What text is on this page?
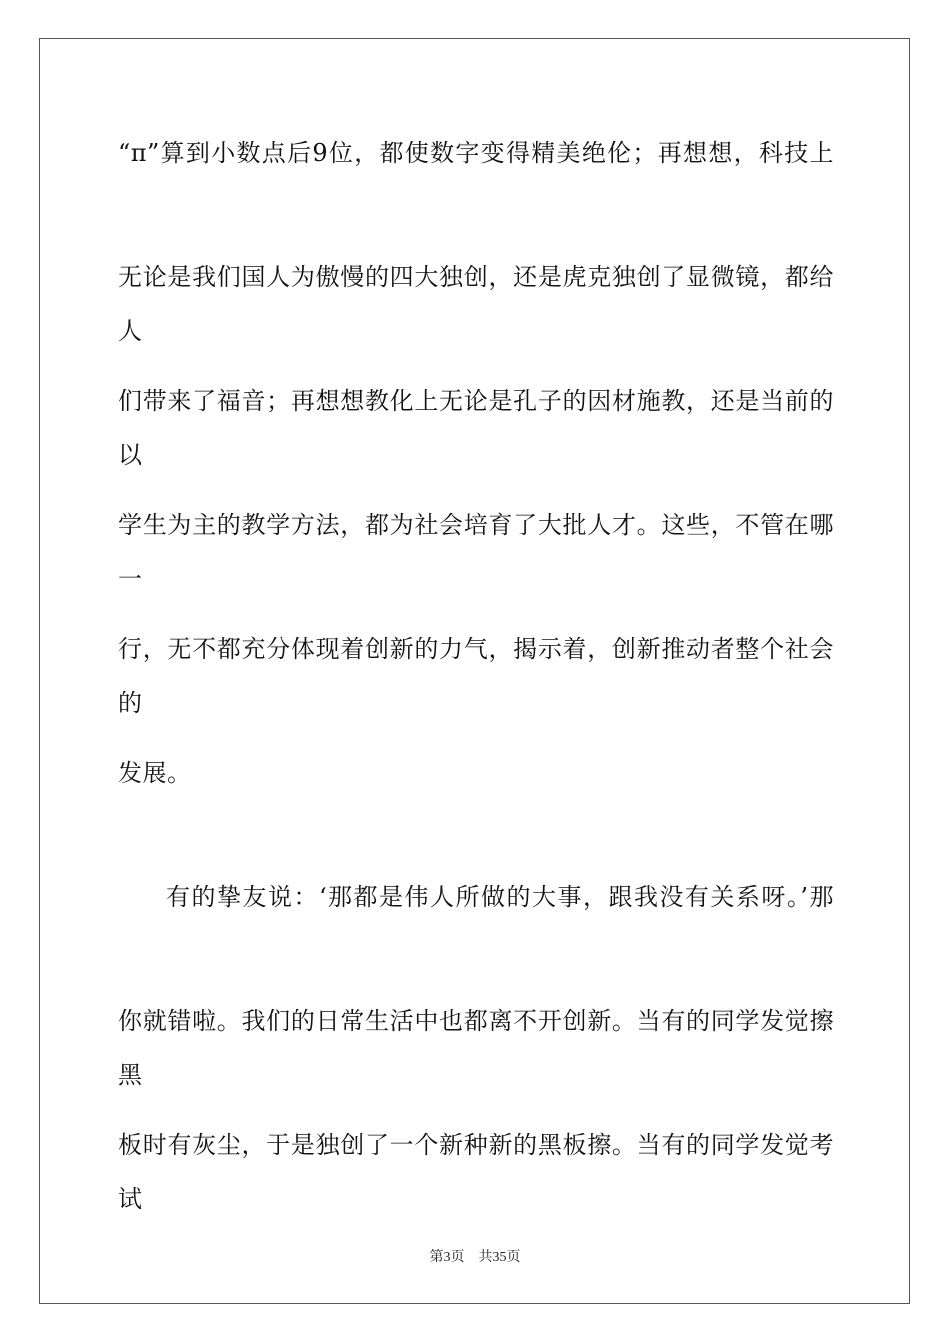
“π”算到小数点后9位，都使数字变得精美绝伦；再想想，科技上
无论是我们国人为傲慢的四大独创，还是虎克独创了显微镜，都给人
们带来了福音；再想想教化上无论是孔子的因材施教，还是当前的以
学生为主的教学方法，都为社会培育了大批人才。这些，不管在哪一
行，无不都充分体现着创新的力气，揭示着，创新推动者整个社会的
发展。
有的挚友说：‘那都是伟人所做的大事，跟我没有关系呀。’那
你就错啦。我们的日常生活中也都离不开创新。当有的同学发觉擦黑
板时有灰尘，于是独创了一个新种新的黑板擦。当有的同学发觉考试
第3页 共35页
